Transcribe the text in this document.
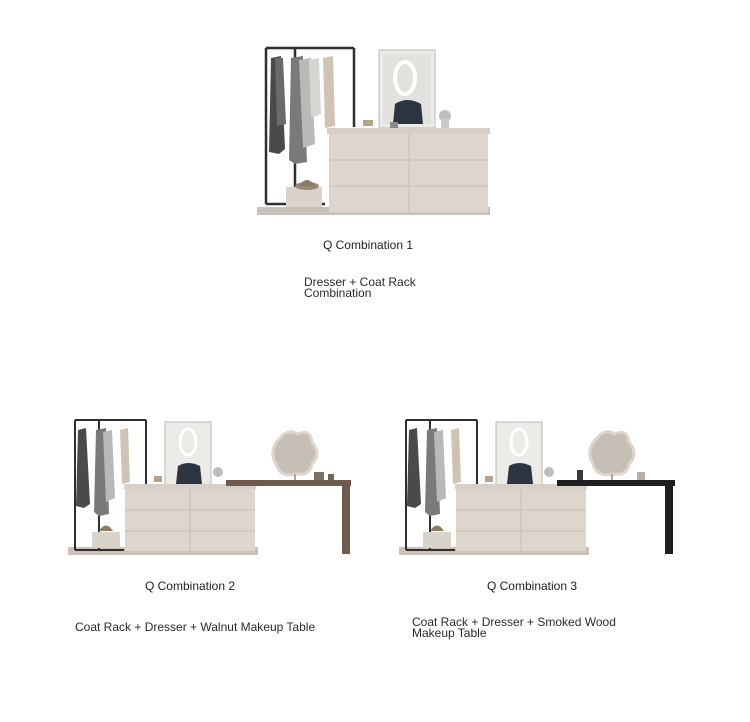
Q Combination 1
Dresser + Coat Rack Combination
Q Combination 2
Coat Rack + Dresser + Walnut Makeup Table
Q Combination 3
Coat Rack + Dresser + Smoked Wood Makeup Table
